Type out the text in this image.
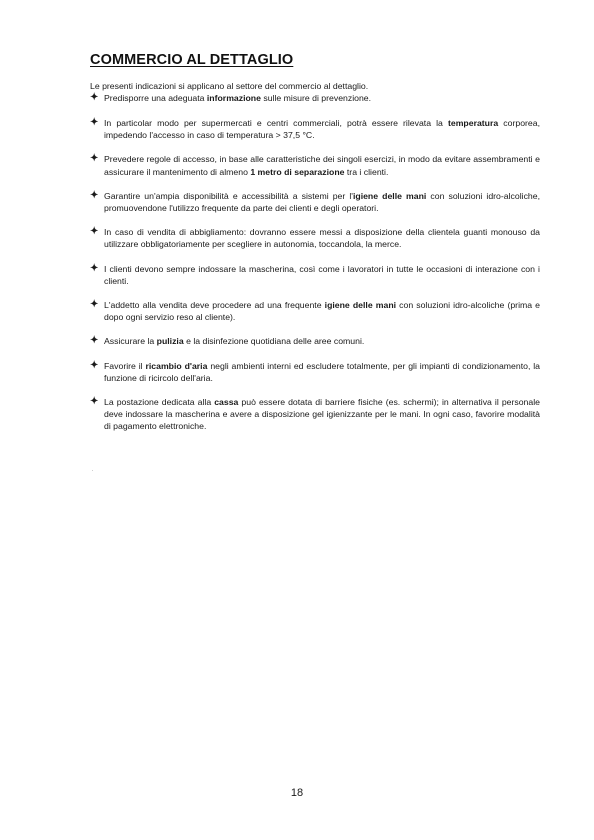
COMMERCIO AL DETTAGLIO

Le presenti indicazioni si applicano al settore del commercio al dettaglio.

✦ Predisporre una adeguata informazione sulle misure di prevenzione.
✦ In particolar modo per supermercati e centri commerciali, potrà essere rilevata la temperatura corporea, impedendo l'accesso in caso di temperatura > 37,5 °C.
✦ Prevedere regole di accesso, in base alle caratteristiche dei singoli esercizi, in modo da evitare assembramenti e assicurare il mantenimento di almeno 1 metro di separazione tra i clienti.
✦ Garantire un'ampia disponibilità e accessibilità a sistemi per l'igiene delle mani con soluzioni idro-alcoliche, promuovendone l'utilizzo frequente da parte dei clienti e degli operatori.
✦ In caso di vendita di abbigliamento: dovranno essere messi a disposizione della clientela guanti monouso da utilizzare obbligatoriamente per scegliere in autonomia, toccandola, la merce.
✦ I clienti devono sempre indossare la mascherina, così come i lavoratori in tutte le occasioni di interazione con i clienti.
✦ L'addetto alla vendita deve procedere ad una frequente igiene delle mani con soluzioni idro-alcoliche (prima e dopo ogni servizio reso al cliente).
✦ Assicurare la pulizia e la disinfezione quotidiana delle aree comuni.
✦ Favorire il ricambio d'aria negli ambienti interni ed escludere totalmente, per gli impianti di condizionamento, la funzione di ricircolo dell'aria.
✦ La postazione dedicata alla cassa può essere dotata di barriere fisiche (es. schermi); in alternativa il personale deve indossare la mascherina e avere a disposizione gel igienizzante per le mani. In ogni caso, favorire modalità di pagamento elettroniche.
18
